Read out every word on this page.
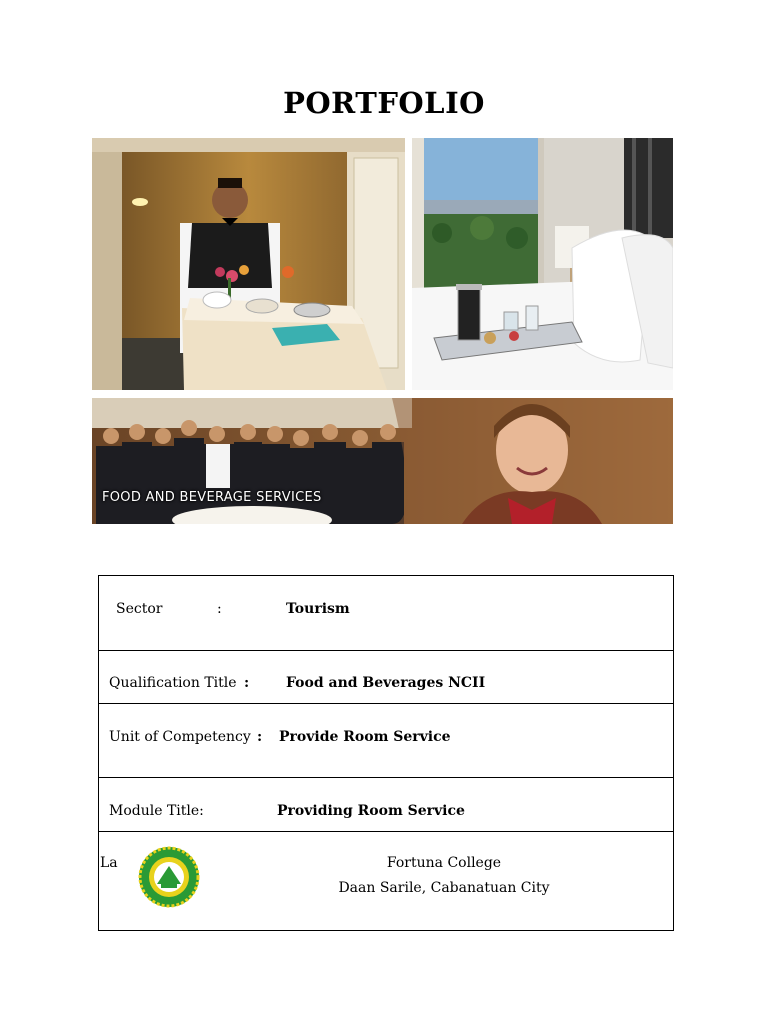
PORTFOLIO
FOOD AND BEVERAGE SERVICES
Sector	:	Tourism
Qualification Title :	Food and Beverages NCII
Unit of Competency : Provide Room Service
Module Title:	Providing Room Service
La	Fortuna College
Daan Sarile, Cabanatuan City
